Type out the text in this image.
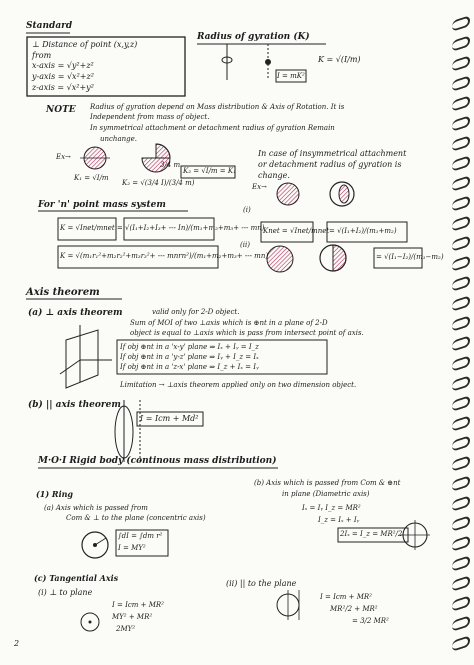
Standard
⊥ Distance of point (x,y,z)
from
x-axis = √y²+z²
y-axis = √x²+z²
z-axis = √x²+y²
Radius of gyration (K)
K = √(I/m)
I = mK²
NOTE Radius of gyration depend on Mass distribution & Axis of Rotation. It is
Independent from mass of object.
In symmetrical attachment or detachment radius of gyration Remain
unchange.
Ex→
K₁ = √I/m
K₂ = √(3/4 I)/(3/4 m)
K₂ = √I/m = K₁
3/4 m
In case of insymmetrical attachment
or detachment radius of gyration is
change.
Ex→
(i)
Knet = √Inet/mnet = √(I₁+I₂)/(m₁+m₂)
(ii)
= √(I₁−I₂)/(m₁−m₂)
For 'n' point mass system
K = √Inet/mnet = √(I₁+I₂+I₃+ --- In)/(m₁+m₂+m₃+ --- mn)
K = √(m₁r₁²+m₂r₂²+m₃r₃²+ --- mnrn²)/(m₁+m₂+m₃+ --- mn)
Axis theorem
(a) ⊥ axis theorem	valid only for 2-D object.
Sum of MOI of two ⊥axis which is ⊕nt in a plane of 2-D
object is equal to ⊥axis which is pass from intersect point of axis.
If obj ⊕nt in a 'x-y' plane ⇒ Iₓ + Iᵧ = I_z
If obj ⊕nt in a 'y-z' plane ⇒ Iᵧ + I_z = Iₓ
If obj ⊕nt in a 'z-x' plane ⇒ I_z + Iₓ = Iᵧ
Limitation → ⊥axis theorem applied only on two dimension object.
(b) || axis theorem
I = Icm + Md²
M·O·I Rigid body (continous mass distribution)
(1) Ring
(a) Axis which is passed from
Com & ⊥ to the plane (concentric axis)
∫dI = ∫dm r²
I = MY²
(b) Axis which is passed from Com & ⊕nt
in plane (Diametric axis)
Iₓ = Iᵧ I_z = MR²
I_z = Iₓ + Iᵧ
2Iₓ = I_z = MR²/2
(c) Tangential Axis
(i) ⊥ to plane
I = Icm + MR²
MY² + MR²
2MY²
(ii) || to the plane
I = Icm + MR²
MR²/2 + MR²
= 3/2 MR²
2
